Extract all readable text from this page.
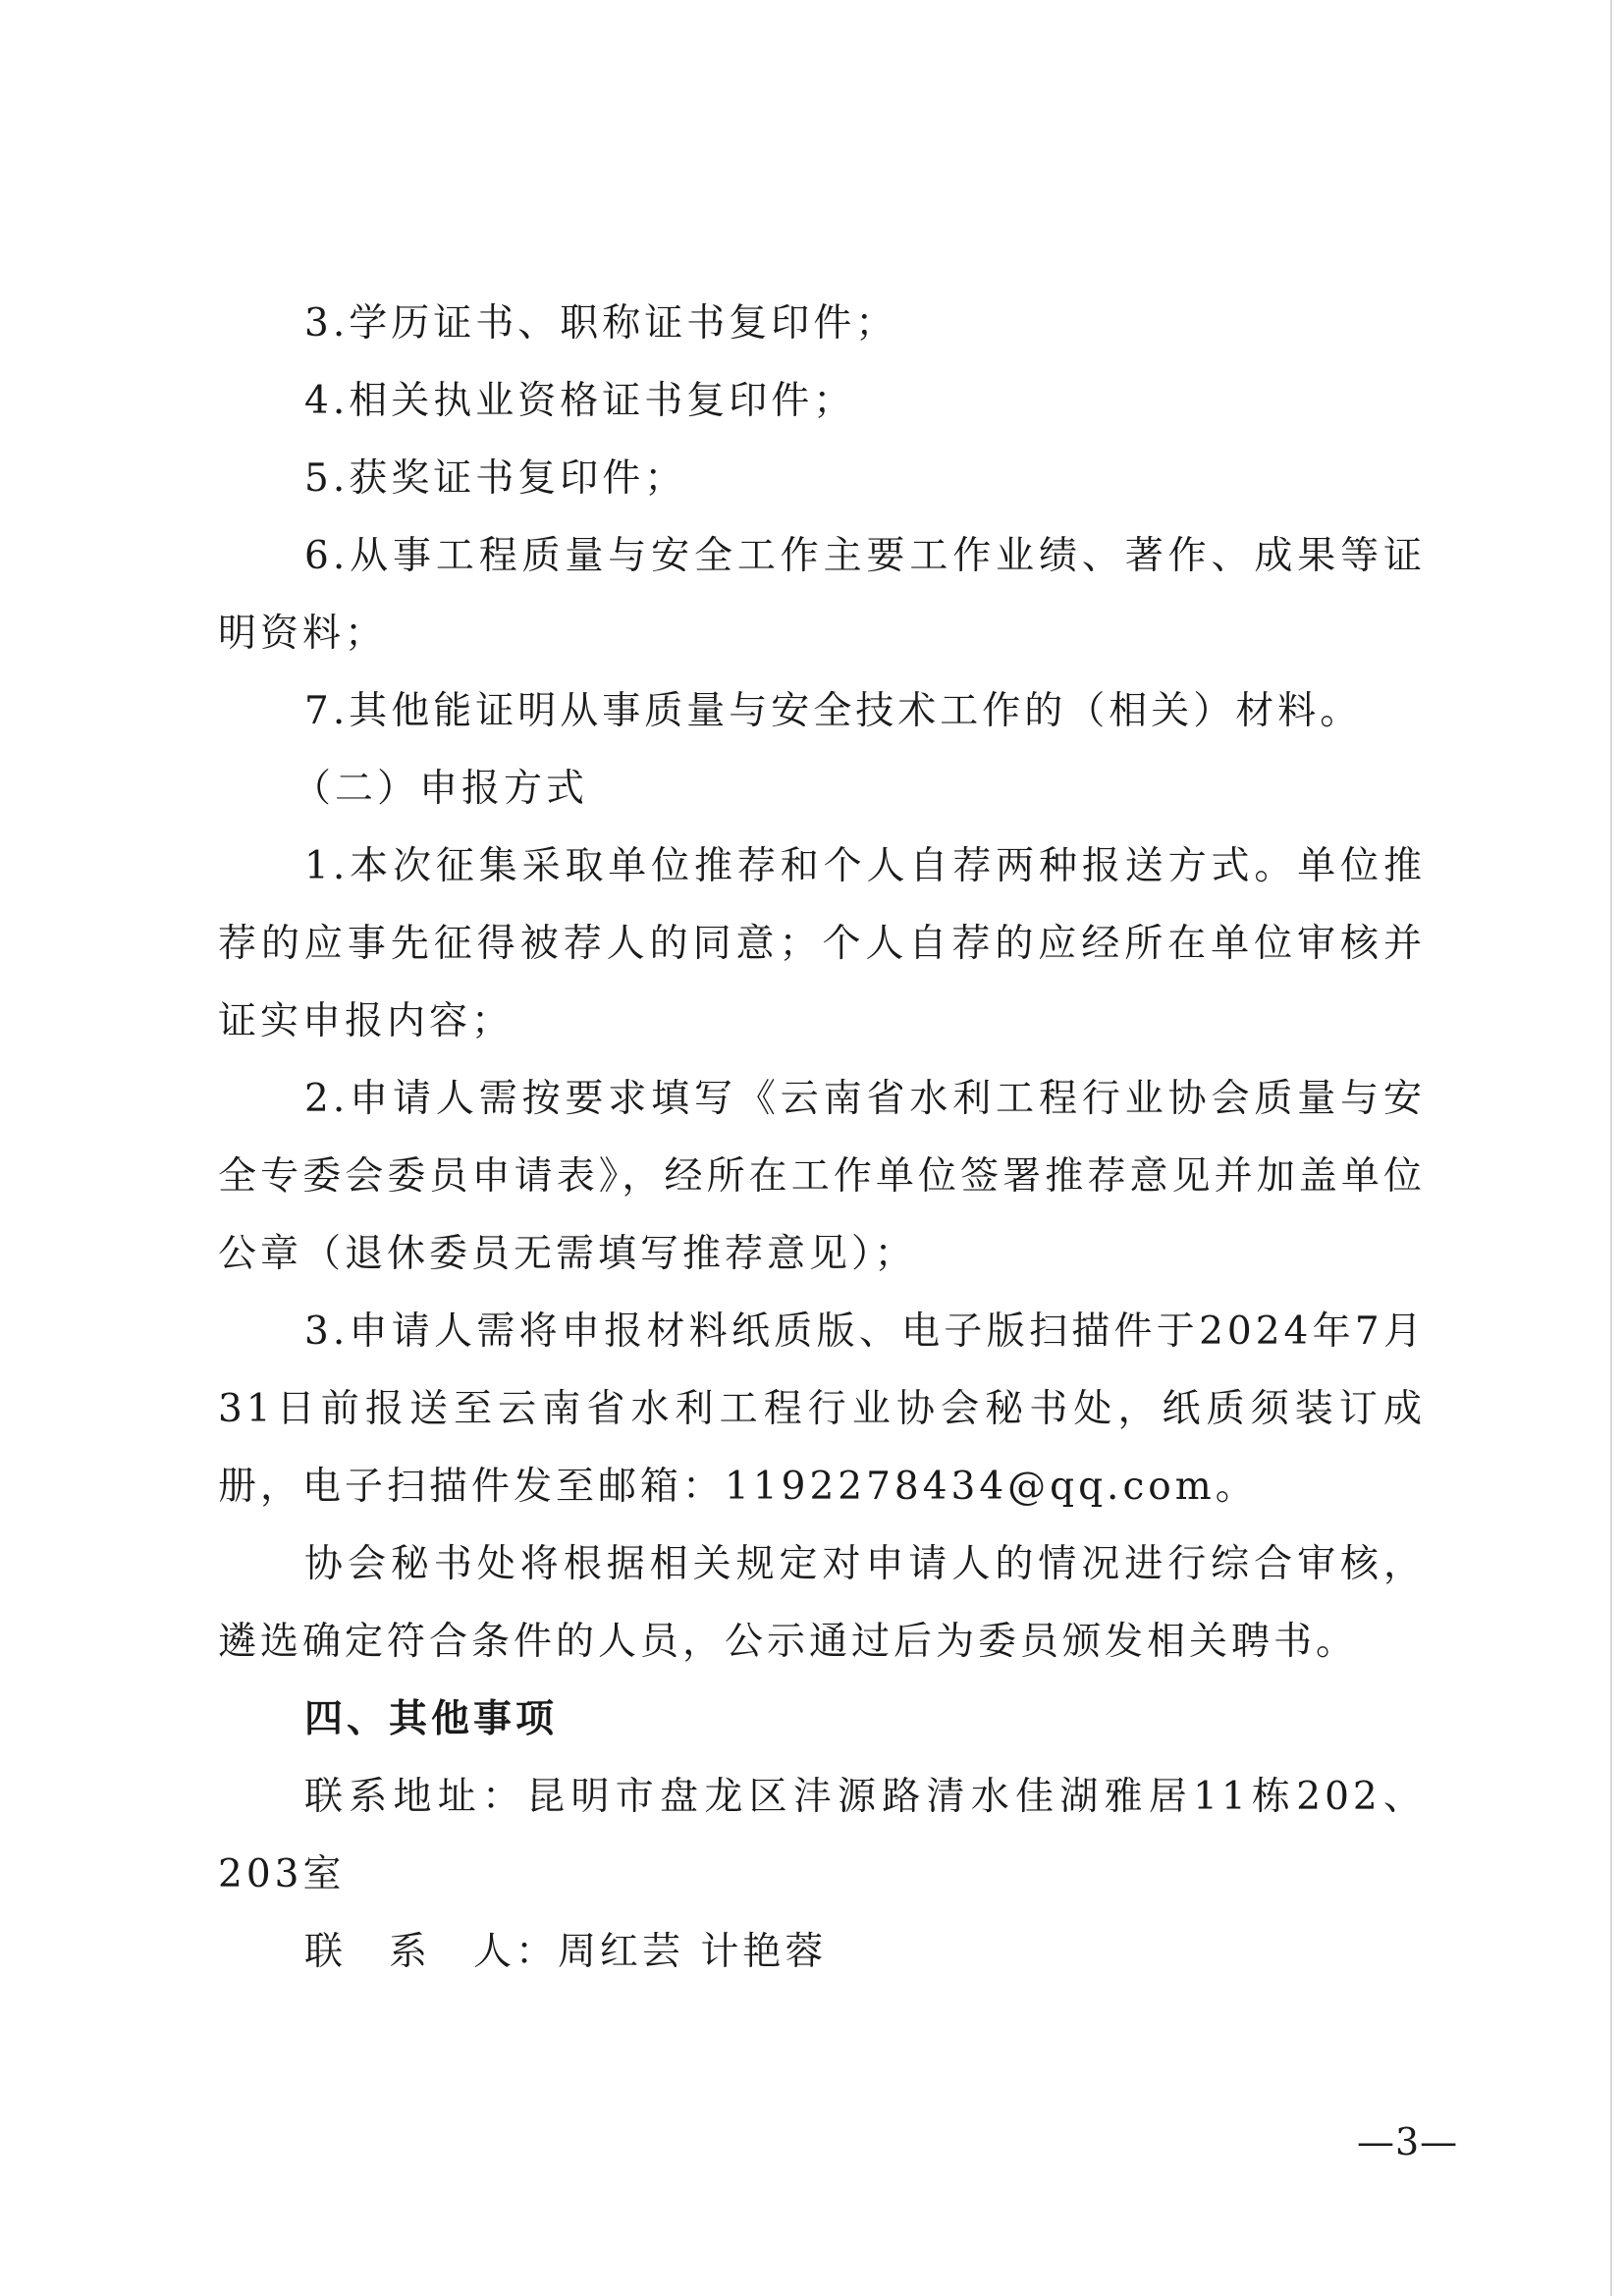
3.学历证书、职称证书复印件；

4.相关执业资格证书复印件；

5.获奖证书复印件；

6.从事工程质量与安全工作主要工作业绩、著作、成果等证明资料；

7.其他能证明从事质量与安全技术工作的（相关）材料。

（二）申报方式

1.本次征集采取单位推荐和个人自荐两种报送方式。单位推荐的应事先征得被荐人的同意；个人自荐的应经所在单位审核并证实申报内容；

2.申请人需按要求填写《云南省水利工程行业协会质量与安全专委会委员申请表》，经所在工作单位签署推荐意见并加盖单位公章（退休委员无需填写推荐意见）；

3.申请人需将申报材料纸质版、电子版扫描件于2024年7月31日前报送至云南省水利工程行业协会秘书处，纸质须装订成册，电子扫描件发至邮箱：1192278434@qq.com。

协会秘书处将根据相关规定对申请人的情况进行综合审核，遴选确定符合条件的人员，公示通过后为委员颁发相关聘书。

四、其他事项

联系地址：昆明市盘龙区沣源路清水佳湖雅居11栋202、203室

联　系　人：周红芸 计艳蓉

—3—
